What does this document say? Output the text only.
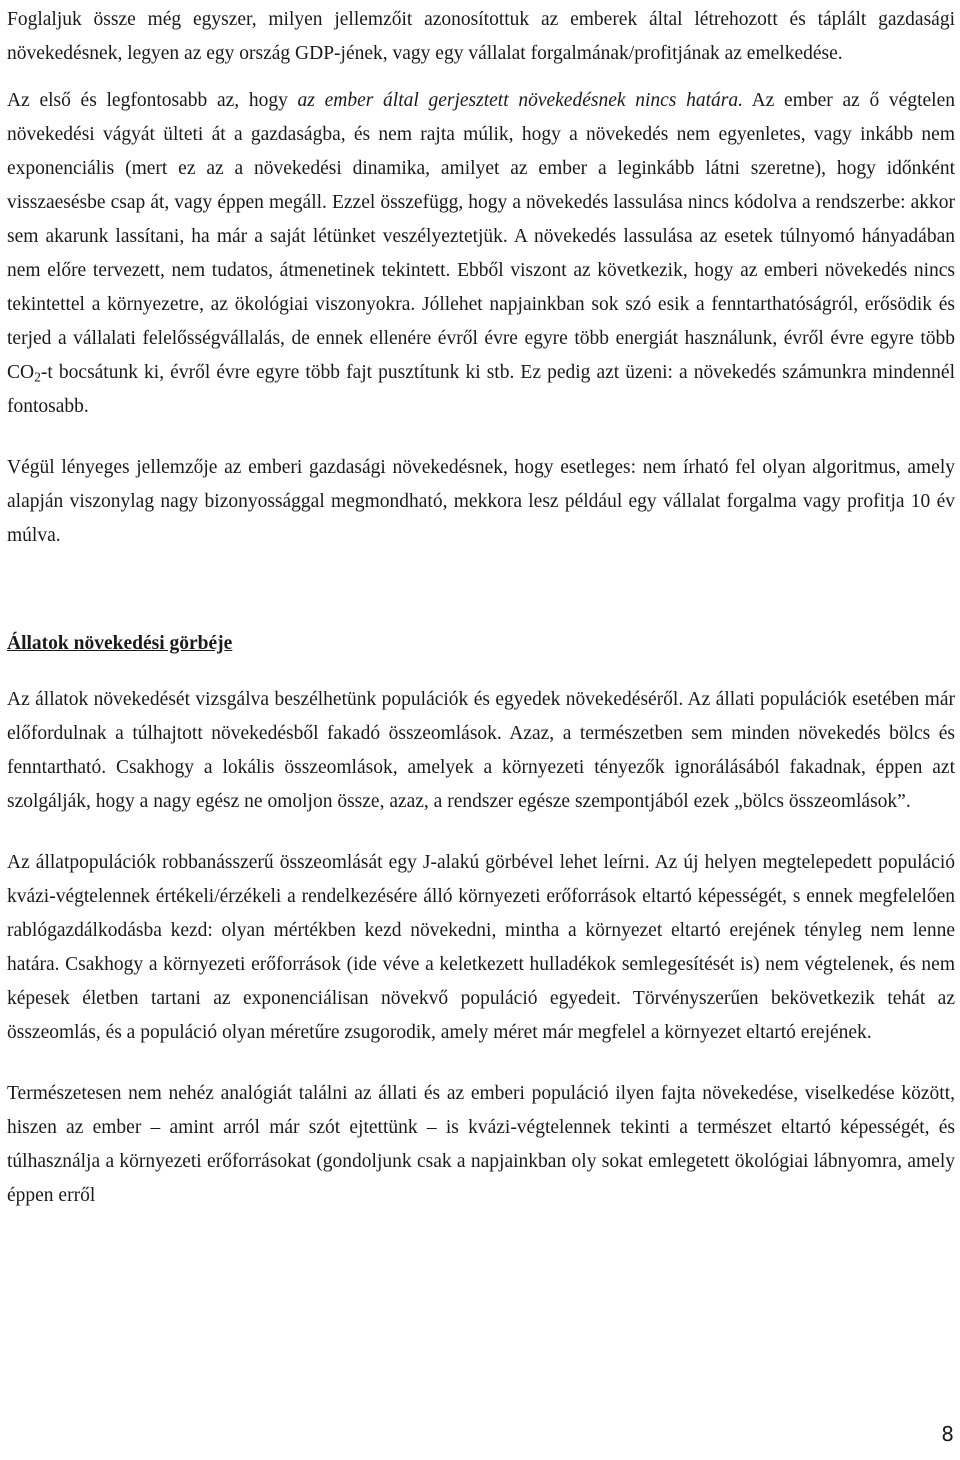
Foglaljuk össze még egyszer, milyen jellemzőit azonosítottuk az emberek által létrehozott és táplált gazdasági növekedésnek, legyen az egy ország GDP-jének, vagy egy vállalat forgalmának/profitjának az emelkedése.

Az első és legfontosabb az, hogy az ember által gerjesztett növekedésnek nincs határa. Az ember az ő végtelen növekedési vágyát ülteti át a gazdaságba, és nem rajta múlik, hogy a növekedés nem egyenletes, vagy inkább nem exponenciális (mert ez az a növekedési dinamika, amilyet az ember a leginkább látni szeretne), hogy időnként visszaesésbe csap át, vagy éppen megáll. Ezzel összefügg, hogy a növekedés lassulása nincs kódolva a rendszerbe: akkor sem akarunk lassítani, ha már a saját létünket veszélyeztetjük. A növekedés lassulása az esetek túlnyomó hányadában nem előre tervezett, nem tudatos, átmenetinek tekintett. Ebből viszont az következik, hogy az emberi növekedés nincs tekintettel a környezetre, az ökológiai viszonyokra. Jóllehet napjainkban sok szó esik a fenntarthatóságról, erősödik és terjed a vállalati felelősségvállalás, de ennek ellenére évről évre egyre több energiát használunk, évről évre egyre több $CO_2-t$ bocsátunk ki, évről évre egyre több fajt pusztítunk ki stb. Ez pedig azt üzeni: a növekedés számunkra mindennél fontosabb.

Végül lényeges jellemzője az emberi gazdasági növekedésnek, hogy esetleges: nem írható fel olyan algoritmus, amely alapján viszonylag nagy bizonyossággal megmondható, mekkora lesz például egy vállalat forgalma vagy profitja 10 év múlva.

Állatok növekedési görbéje

Az állatok növekedését vizsgálva beszélhetünk populációk és egyedek növekedéséről. Az állati populációk esetében már előfordulnak a túlhajtott növekedésből fakadó összeomlások. Azaz, a természetben sem minden növekedés bölcs és fenntartható. Csakhogy a lokális összeomlások, amelyek a környezeti tényezők ignorálásából fakadnak, éppen azt szolgálják, hogy a nagy egész ne omoljon össze, azaz, a rendszer egésze szempontjából ezek „bölcs összeomlások”.

Az állatpopulációk robbanásszerű összeomlását egy J-alakú görbével lehet leírni. Az új helyen megtelepedett populáció kvázi-végtelennek értékeli/érzékeli a rendelkezésére álló környezeti erőforrások eltartó képességét, s ennek megfelelően rablógazdálkodásba kezd: olyan mértékben kezd növekedni, mintha a környezet eltartó erejének tényleg nem lenne határa. Csakhogy a környezeti erőforrások (ide véve a keletkezett hulladékok semlegesítését is) nem végtelenek, és nem képesek életben tartani az exponenciálisan növekvő populáció egyedeit. Törvényszerűen bekövetkezik tehát az összeomlás, és a populáció olyan méretűre zsugorodik, amely méret már megfelel a környezet eltartó erejének.

Természetesen nem nehéz analógiát találni az állati és az emberi populáció ilyen fajta növekedése, viselkedése között, hiszen az ember – amint arról már szót ejtettünk – is kvázi-végtelennek tekinti a természet eltartó képességét, és túlhasználja a környezeti erőforrásokat (gondoljunk csak a napjainkban oly sokat emlegetett ökológiai lábnyomra, amely éppen erről

8
